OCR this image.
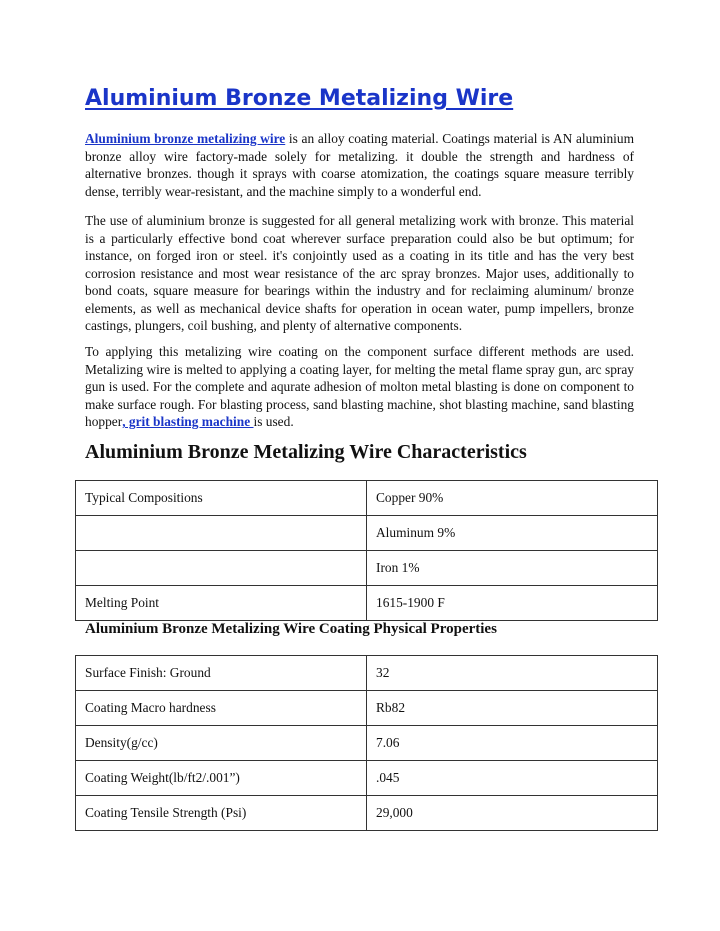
Aluminium Bronze Metalizing Wire

Aluminium bronze metalizing wire is an alloy coating material. Coatings material is AN aluminium bronze alloy wire factory-made solely for metalizing. it double the strength and hardness of alternative bronzes. though it sprays with coarse atomization, the coatings square measure terribly dense, terribly wear-resistant, and the machine simply to a wonderful end.

The use of aluminium bronze is suggested for all general metalizing work with bronze. This material is a particularly effective bond coat wherever surface preparation could also be but optimum; for instance, on forged iron or steel. it's conjointly used as a coating in its title and has the very best corrosion resistance and most wear resistance of the arc spray bronzes. Major uses, additionally to bond coats, square measure for bearings within the industry and for reclaiming aluminum/ bronze elements, as well as mechanical device shafts for operation in ocean water, pump impellers, bronze castings, plungers, coil bushing, and plenty of alternative components.

To applying this metalizing wire coating on the component surface different methods are used. Metalizing wire is melted to applying a coating layer, for melting the metal flame spray gun, arc spray gun is used. For the complete and aqurate adhesion of molton metal blasting is done on component to make surface rough. For blasting process, sand blasting machine, shot blasting machine, sand blasting hopper, grit blasting machine is used.

Aluminium Bronze Metalizing Wire Characteristics
Typical Compositions	Copper 90%
	Aluminum 9%
	Iron 1%
Melting Point	1615-1900 F
Aluminium Bronze Metalizing Wire Coating Physical Properties
Surface Finish: Ground	32
Coating Macro hardness	Rb82
Density(g/cc)	7.06
Coating Weight(lb/ft2/.001”)	.045
Coating Tensile Strength (Psi)	29,000
